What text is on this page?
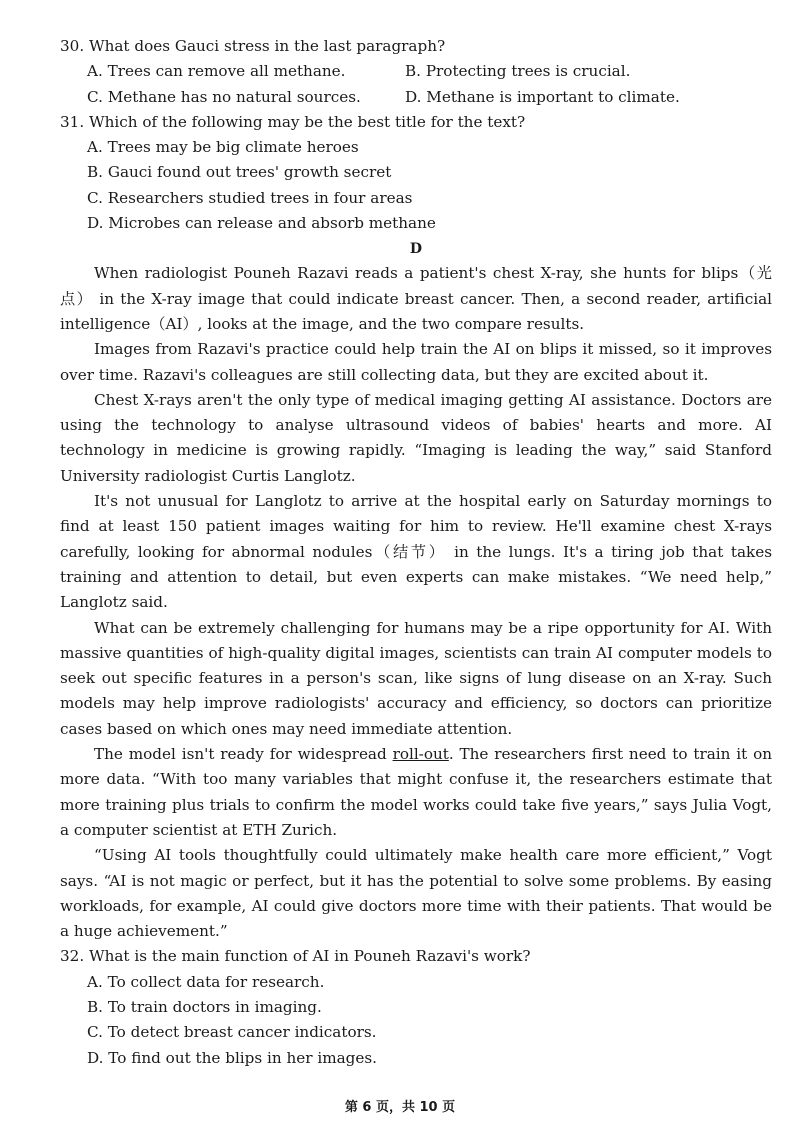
30. What does Gauci stress in the last paragraph?
A. Trees can remove all methane.	B. Protecting trees is crucial.
C. Methane has no natural sources.	D. Methane is important to climate.
31. Which of the following may be the best title for the text?
A. Trees may be big climate heroes
B. Gauci found out trees' growth secret
C. Researchers studied trees in four areas
D. Microbes can release and absorb methane
D

When radiologist Pouneh Razavi reads a patient's chest X-ray, she hunts for blips（光点） in the X-ray image that could indicate breast cancer. Then, a second reader, artificial intelligence（AI）, looks at the image, and the two compare results.

Images from Razavi's practice could help train the AI on blips it missed, so it improves over time. Razavi's colleagues are still collecting data, but they are excited about it.

Chest X-rays aren't the only type of medical imaging getting AI assistance. Doctors are using the technology to analyse ultrasound videos of babies' hearts and more. AI technology in medicine is growing rapidly. “Imaging is leading the way,” said Stanford University radiologist Curtis Langlotz.

It's not unusual for Langlotz to arrive at the hospital early on Saturday mornings to find at least 150 patient images waiting for him to review. He'll examine chest X-rays carefully, looking for abnormal nodules（结节） in the lungs. It's a tiring job that takes training and attention to detail, but even experts can make mistakes. “We need help,” Langlotz said.

What can be extremely challenging for humans may be a ripe opportunity for AI. With massive quantities of high-quality digital images, scientists can train AI computer models to seek out specific features in a person's scan, like signs of lung disease on an X-ray. Such models may help improve radiologists' accuracy and efficiency, so doctors can prioritize cases based on which ones may need immediate attention.

The model isn't ready for widespread roll-out. The researchers first need to train it on more data. “With too many variables that might confuse it, the researchers estimate that more training plus trials to confirm the model works could take five years,” says Julia Vogt, a computer scientist at ETH Zurich.

“Using AI tools thoughtfully could ultimately make health care more efficient,” Vogt says. “AI is not magic or perfect, but it has the potential to solve some problems. By easing workloads, for example, AI could give doctors more time with their patients. That would be a huge achievement.”

32. What is the main function of AI in Pouneh Razavi's work?
A. To collect data for research.
B. To train doctors in imaging.
C. To detect breast cancer indicators.
D. To find out the blips in her images.
第 6 页，共 10 页
